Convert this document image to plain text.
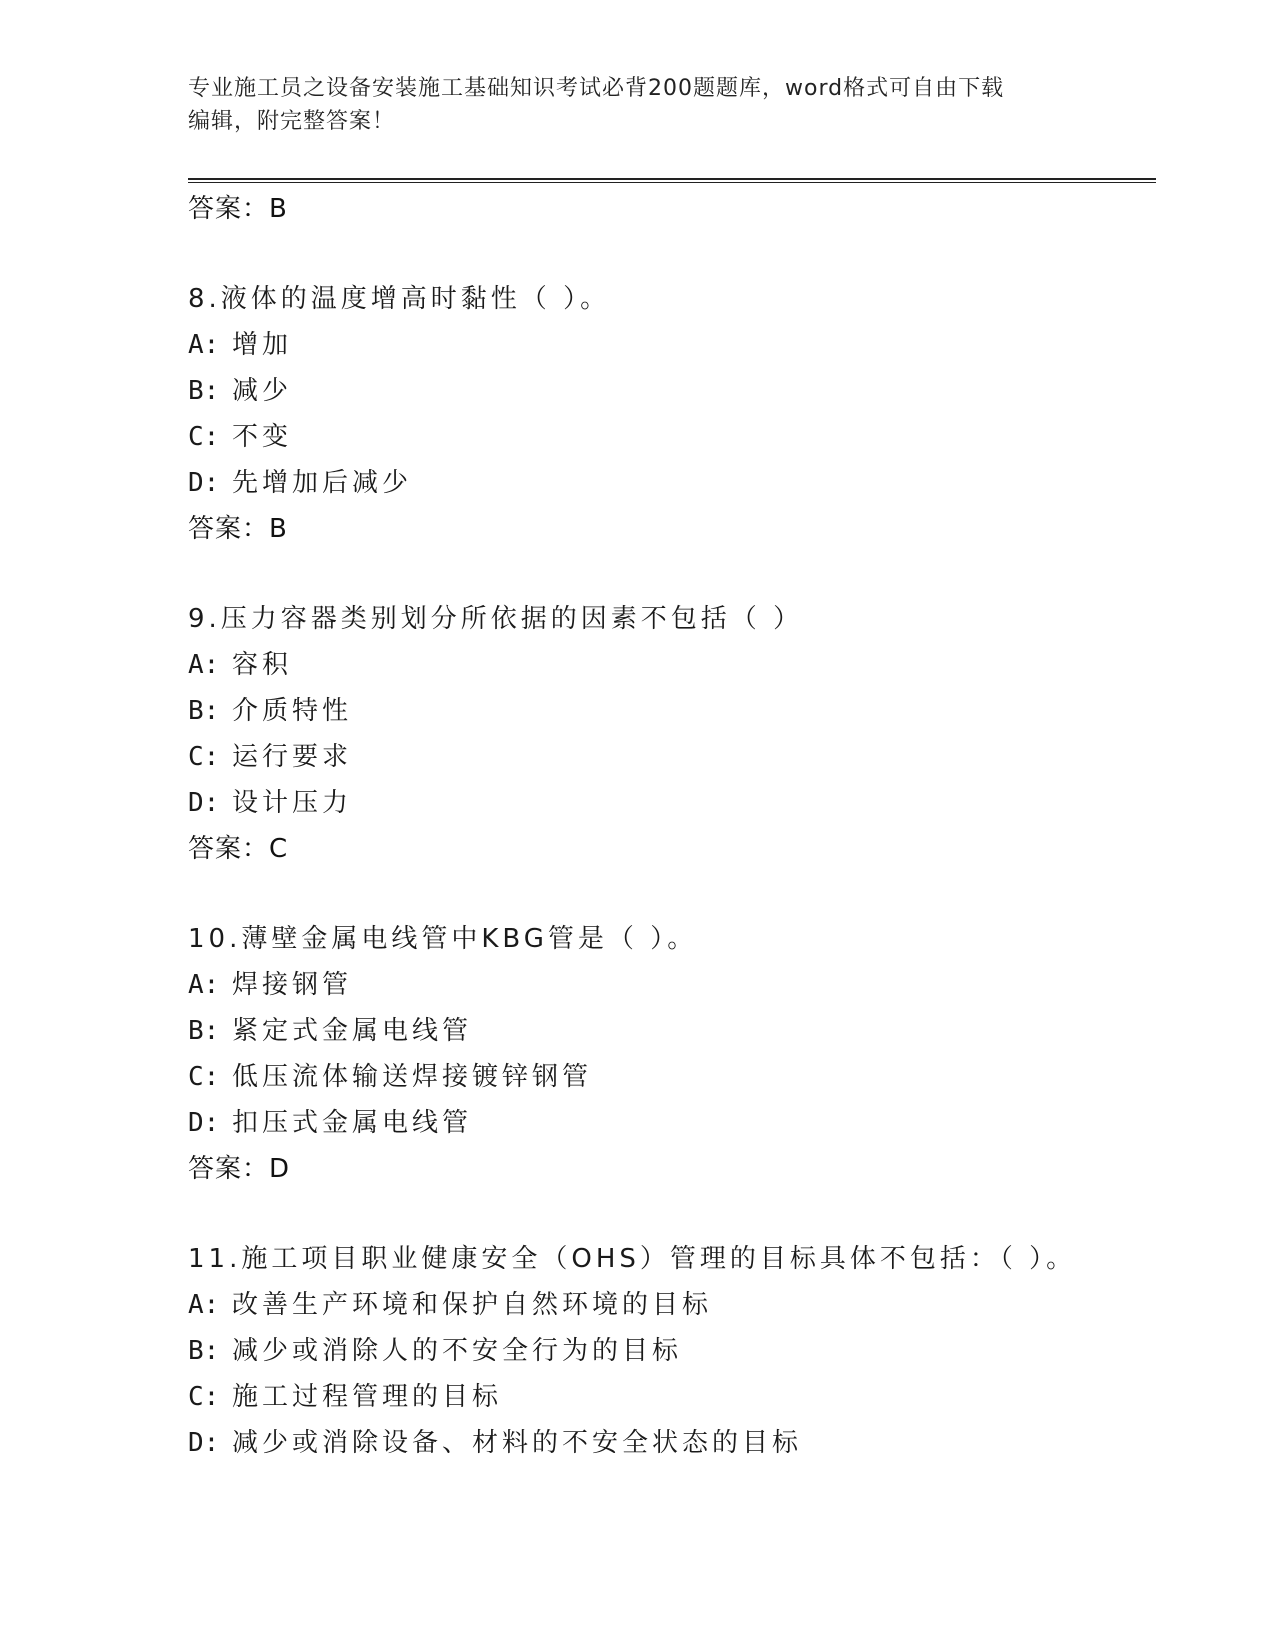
专业施工员之设备安装施工基础知识考试必背200题题库，word格式可自由下载
编辑，附完整答案！
答案：B
8.液体的温度增高时黏性（ ）。
A: 增加
B: 减少
C: 不变
D: 先增加后减少
答案：B
9.压力容器类别划分所依据的因素不包括（ ）
A: 容积
B: 介质特性
C: 运行要求
D: 设计压力
答案：C
10.薄壁金属电线管中KBG管是（ ）。
A: 焊接钢管
B: 紧定式金属电线管
C: 低压流体输送焊接镀锌钢管
D: 扣压式金属电线管
答案：D
11.施工项目职业健康安全（OHS）管理的目标具体不包括：（ ）。
A: 改善生产环境和保护自然环境的目标
B: 减少或消除人的不安全行为的目标
C: 施工过程管理的目标
D: 减少或消除设备、材料的不安全状态的目标
